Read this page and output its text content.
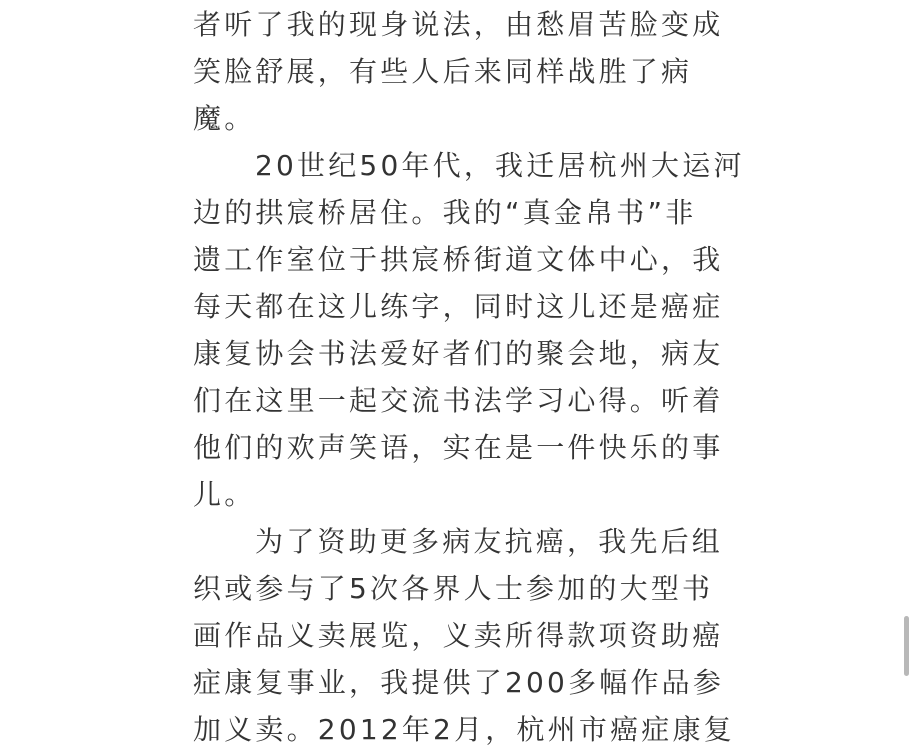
者听了我的现身说法，由愁眉苦脸变成
笑脸舒展，有些人后来同样战胜了病
魔。
20世纪50年代，我迁居杭州大运河
边的拱宸桥居住。我的“真金帛书”非
遗工作室位于拱宸桥街道文体中心，我
每天都在这儿练字，同时这儿还是癌症
康复协会书法爱好者们的聚会地，病友
们在这里一起交流书法学习心得。听着
他们的欢声笑语，实在是一件快乐的事
儿。
为了资助更多病友抗癌，我先后组
织或参与了5次各界人士参加的大型书
画作品义卖展览，义卖所得款项资助癌
症康复事业，我提供了200多幅作品参
加义卖。2012年2月，杭州市癌症康复
